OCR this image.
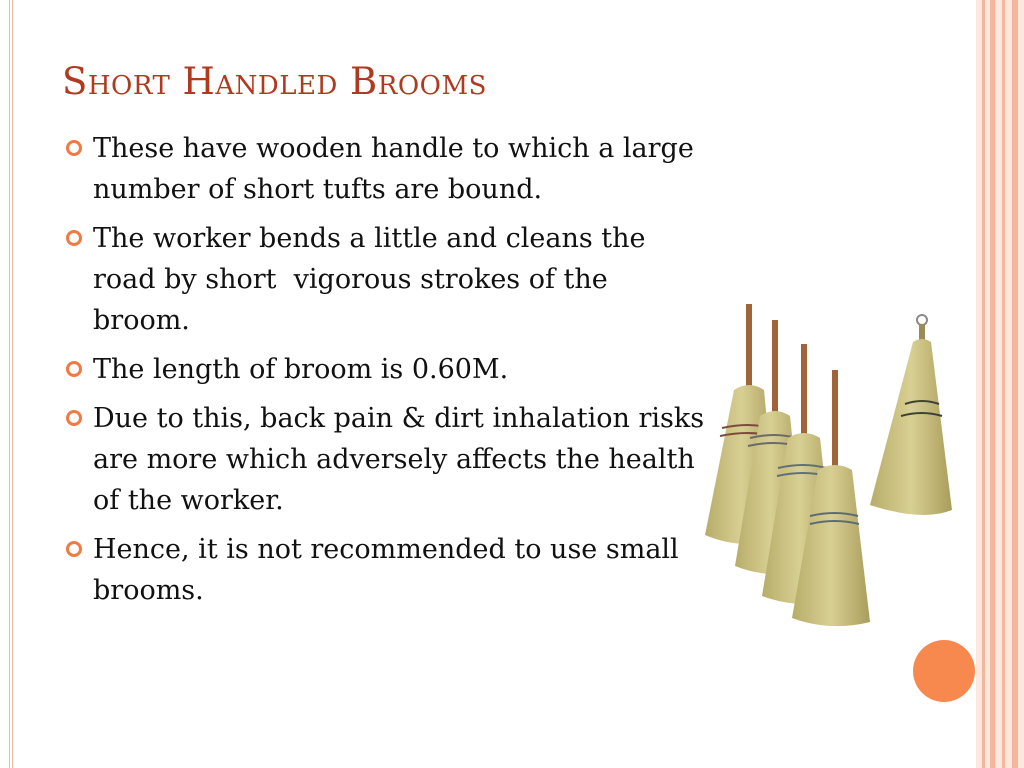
Short Handled Brooms
These have wooden handle to which a large number of short tufts are bound.
The worker bends a little and cleans the road by short  vigorous strokes of the broom.
The length of broom is 0.60M.
Due to this, back pain & dirt inhalation risks are more which adversely affects the health of the worker.
Hence, it is not recommended to use small brooms.
